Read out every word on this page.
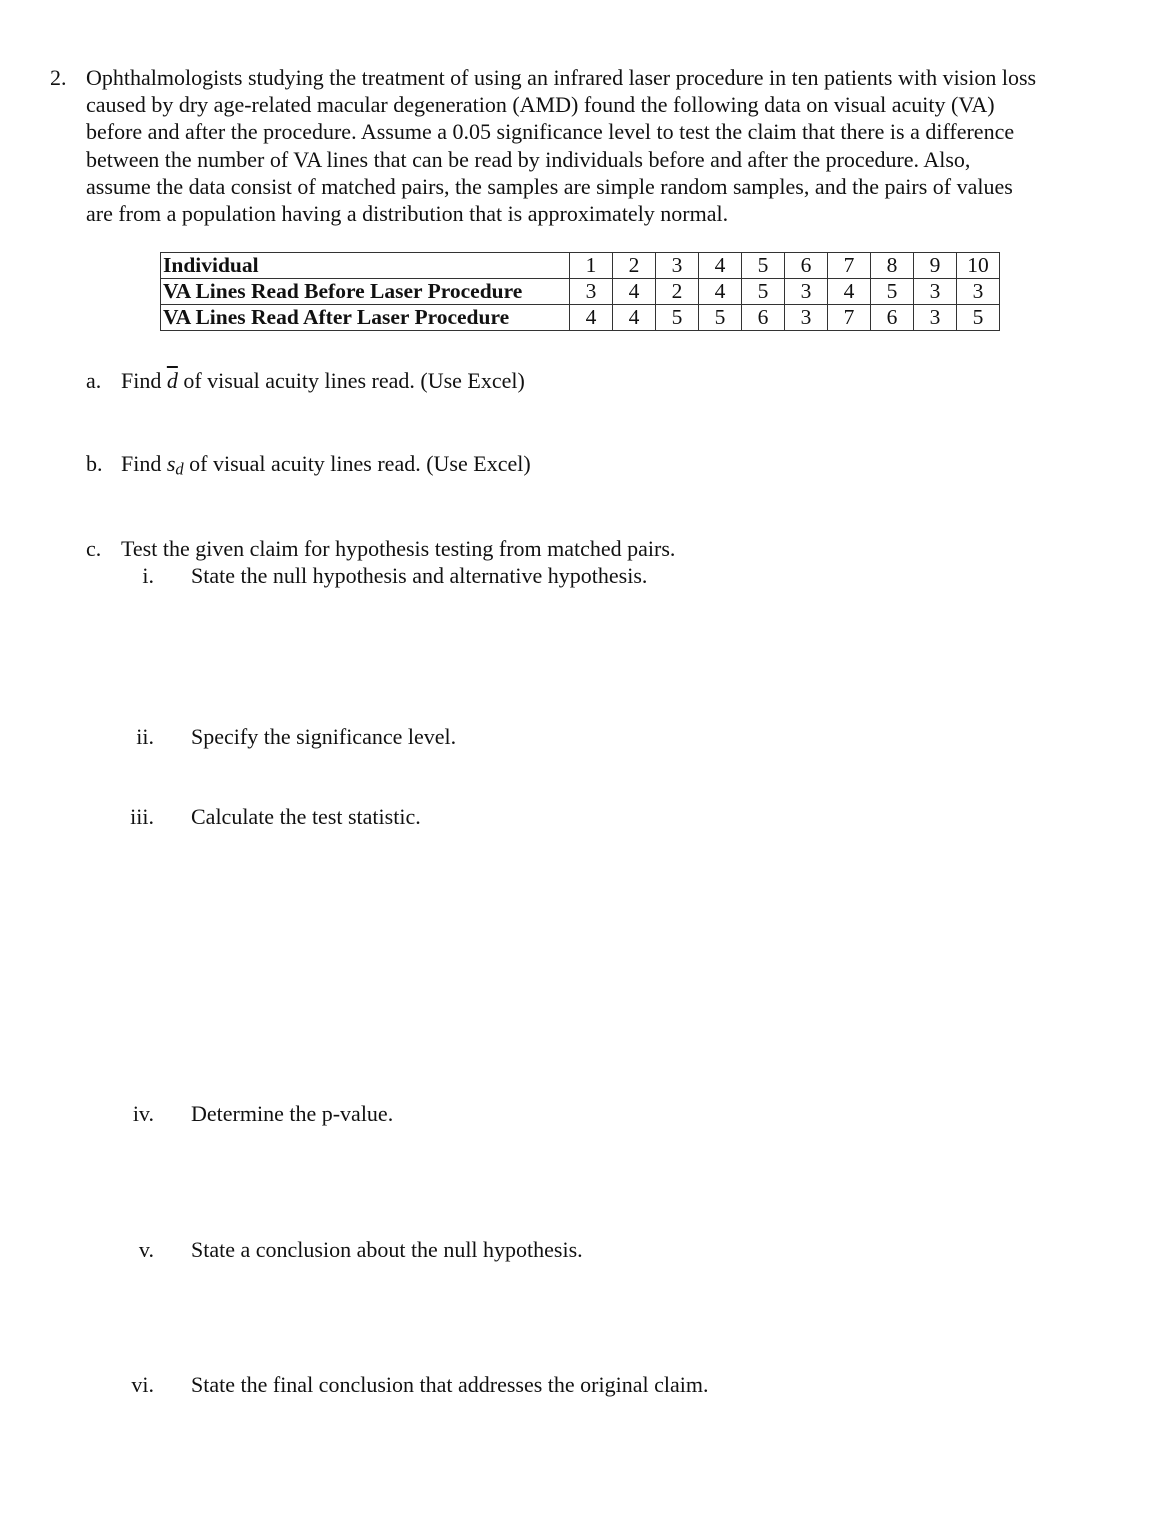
2. Ophthalmologists studying the treatment of using an infrared laser procedure in ten patients with vision loss
caused by dry age-related macular degeneration (AMD) found the following data on visual acuity (VA)
before and after the procedure. Assume a 0.05 significance level to test the claim that there is a difference
between the number of VA lines that can be read by individuals before and after the procedure. Also,
assume the data consist of matched pairs, the samples are simple random samples, and the pairs of values
are from a population having a distribution that is approximately normal.
Individual	1	2	3	4	5	6	7	8	9	10
VA Lines Read Before Laser Procedure	3	4	2	4	5	3	4	5	3	3
VA Lines Read After Laser Procedure	4	4	5	5	6	3	7	6	3	5
a. Find $\overline{d}$ of visual acuity lines read. (Use Excel)
b. Find sd of visual acuity lines read. (Use Excel)
c. Test the given claim for hypothesis testing from matched pairs.
i. State the null hypothesis and alternative hypothesis.
ii. Specify the significance level.
iii. Calculate the test statistic.
iv. Determine the p-value.
v. State a conclusion about the null hypothesis.
vi. State the final conclusion that addresses the original claim.
